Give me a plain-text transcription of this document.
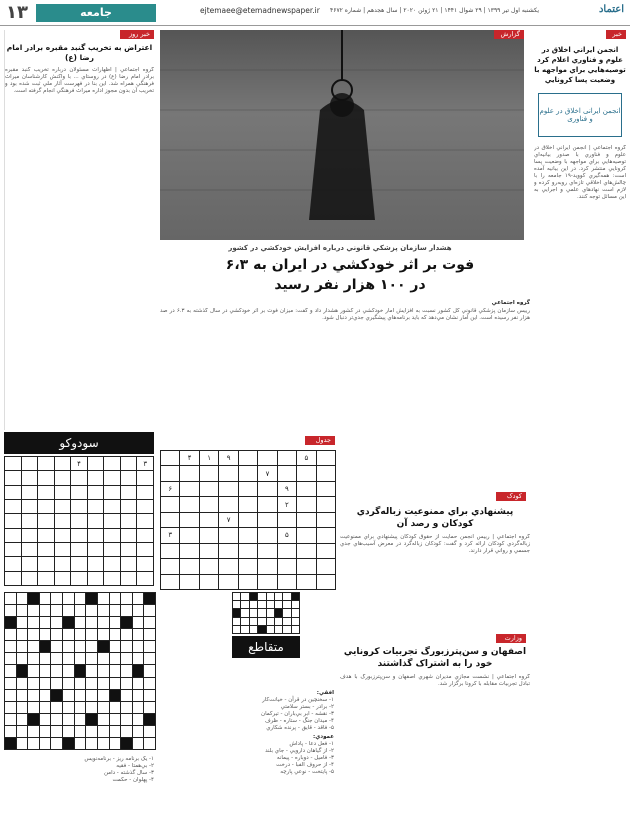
۱۳	جامعه	ejtemaee@etemadnewspaper.ir یکشنبه اول تیر ۱۳۹۹ | ۲۹ شوال ۱۴۴۱ | ۲۱ ژوئن ۲۰۲۰ | سال هجدهم | شماره ۴۶۷۲	اعتماد
خبر
انجمن ايراني اخلاق در علوم و فناوري اعلام کرد توصيه‌هايي براي مواجهه با وضعيت پسا کرونايي
انجمن ایرانی اخلاق در علوم و فناوری
گروه اجتماعي | انجمن ايراني اخلاق در علوم و فناوري با صدور بيانيه‌اي توصيه‌هايي براي مواجهه با وضعيت پسا کرونايي منتشر کرد. در اين بيانيه آمده است: همه‌گيري کوويد-۱۹ جامعه را با چالش‌هاي اخلاقي تازه‌اي روبه‌رو کرده و لازم است نهادهاي علمي و اجرايي به اين مسائل توجه کنند.
خبر روز
اعتراض به تخریب گنبد مقبره برادر امام رضا (ع)
گروه اجتماعي | اظهارات مسئولان درباره تخريب گنبد مقبره برادر امام رضا (ع) در روستاي ... با واکنش کارشناسان ميراث فرهنگي همراه شد. اين بنا در فهرست آثار ملي ثبت شده بود و تخريب آن بدون مجوز اداره ميراث فرهنگي انجام گرفته است.
گزارش
هشدار سازمان پزشکي قانوني درباره افزايش خودکشي در کشور
فوت بر اثر خودکشي در ايران به ۶،۳
در ۱۰۰ هزار نفر رسيد
گروه اجتماعي
رييس سازمان پزشکي قانوني کل کشور نسبت به افزايش آمار خودکشي در کشور هشدار داد و گفت: ميزان فوت بر اثر خودکشي در سال گذشته به ۶.۳ در صد هزار نفر رسيده است. اين آمار نشان مي‌دهد که بايد برنامه‌هاي پيشگيري جدي‌تر دنبال شود.
سودوکو
۳
۴
جدول
۵
۹
۱
۴
۷
۹
۶
۲
۷
۵
۳
کودک
پيشنهادي براي ممنوعيت زباله‌گردي کودکان و رصد آن
گروه اجتماعي | رييس انجمن حمايت از حقوق کودکان پيشنهادي براي ممنوعيت زباله‌گردي کودکان ارائه کرد و گفت: کودکان زباله‌گرد در معرض آسيب‌هاي جدي جسمي و رواني قرار دارند.
متقاطع
وزارت
اصفهان و سن‌پترزبورگ تجربيات کرونايي خود را به اشتراک گذاشتند
گروه اجتماعي | نشست مجازي مديران شهري اصفهان و سن‌پترزبورگ با هدف تبادل تجربيات مقابله با کرونا برگزار شد.
افقي:
۱- سخنچين در قرآن - خيانت‌کار
۲- برادر - بستر سلامتي
۳- نقشه - ابر بي‌باران - تيرکمان
۴- ميدان جنگ - ستاره - ظرف
۵- فاقد - قايق - پرنده شکاري
عمودي:
۱- فعل دعا - پاداش
۲- از گياهان دارويي - جاي بلند
۳- فاميل - دوباره - پيمانه
۴- از حروف الفبا - درخت
۵- پايتخت - نوعي پارچه
۱- يک برنامه ريز - برنامه‌نويس
۲- بي‌همتا - فقيه
۳- سال گذشته - دامن
۴- پهلوان - حکمت
